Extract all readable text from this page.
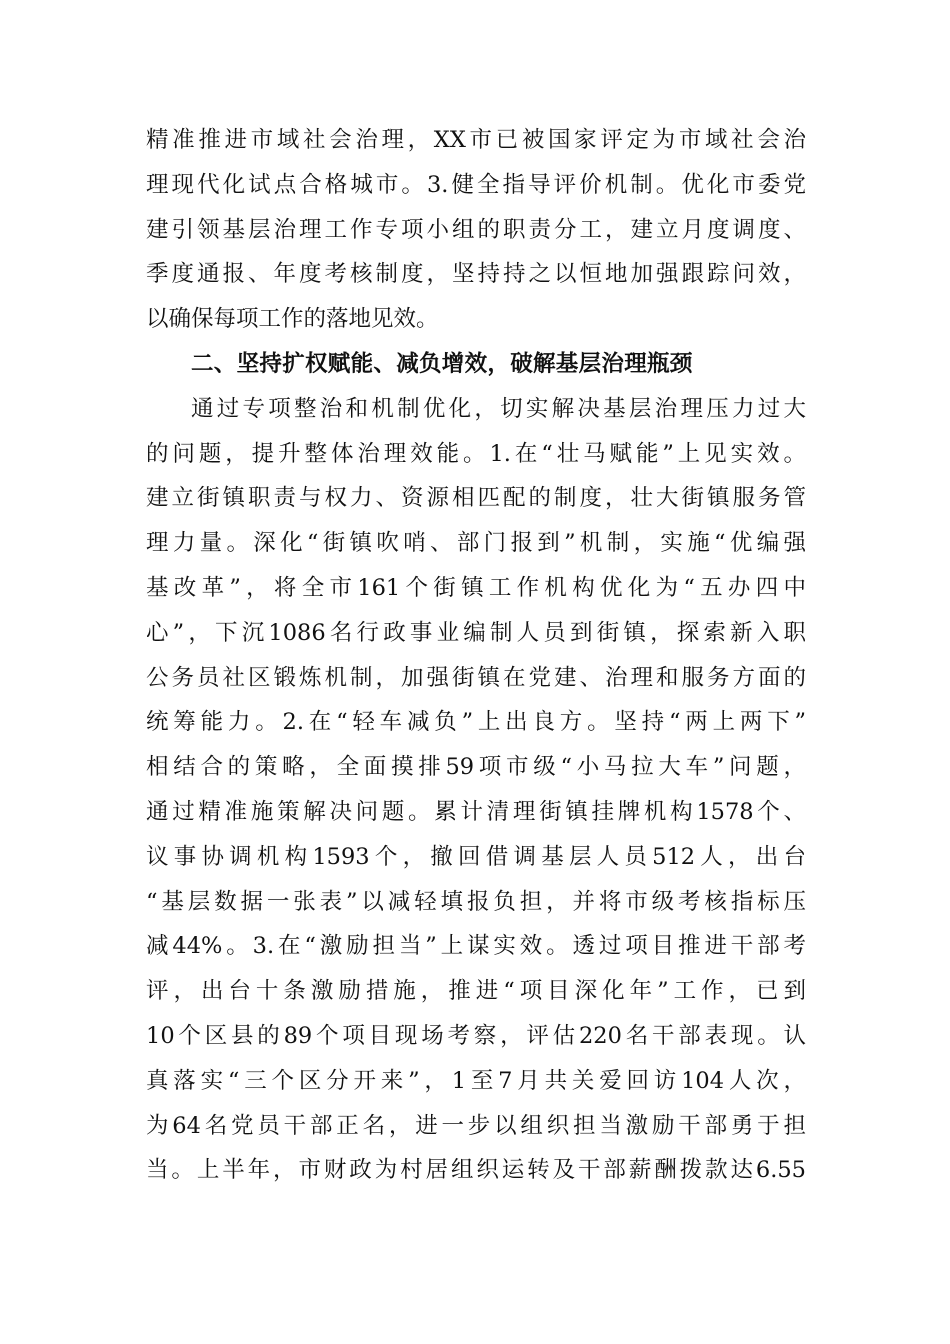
精准推进市域社会治理，XX市已被国家评定为市域社会治
理现代化试点合格城市。3.健全指导评价机制。优化市委党
建引领基层治理工作专项小组的职责分工，建立月度调度、
季度通报、年度考核制度，坚持持之以恒地加强跟踪问效，
以确保每项工作的落地见效。
二、坚持扩权赋能、减负增效，破解基层治理瓶颈
通过专项整治和机制优化，切实解决基层治理压力过大
的问题，提升整体治理效能。1.在“壮马赋能”上见实效。
建立街镇职责与权力、资源相匹配的制度，壮大街镇服务管
理力量。深化“街镇吹哨、部门报到”机制，实施“优编强
基改革”，将全市161个街镇工作机构优化为“五办四中
心”，下沉1086名行政事业编制人员到街镇，探索新入职
公务员社区锻炼机制，加强街镇在党建、治理和服务方面的
统筹能力。2.在“轻车减负”上出良方。坚持“两上两下”
相结合的策略，全面摸排59项市级“小马拉大车”问题，
通过精准施策解决问题。累计清理街镇挂牌机构1578个、
议事协调机构1593个，撤回借调基层人员512人，出台
“基层数据一张表”以减轻填报负担，并将市级考核指标压
减44%。3.在“激励担当”上谋实效。透过项目推进干部考
评，出台十条激励措施，推进“项目深化年”工作，已到
10个区县的89个项目现场考察，评估220名干部表现。认
真落实“三个区分开来”，1至7月共关爱回访104人次，
为64名党员干部正名，进一步以组织担当激励干部勇于担
当。上半年，市财政为村居组织运转及干部薪酬拨款达6.55
